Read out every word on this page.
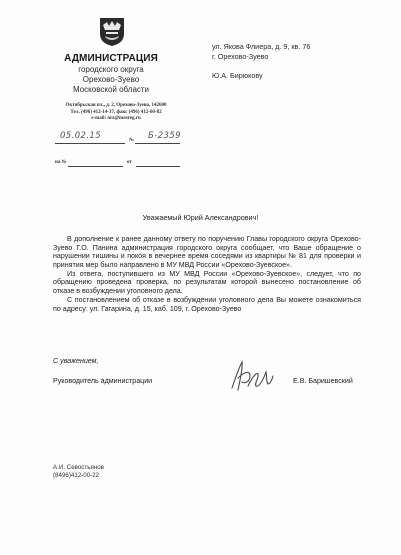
АДМИНИСТРАЦИЯ
городского округа
Орехово-Зуево
Московской области
Октябрьская пл., д. 2, Орехово-Зуево, 142600
Тел. (496) 412-14-37, факс (496) 412-60-82
e-mail: orz@mosreg.ru
ул. Якова Флиера, д. 9, кв. 76
г. Орехово-Зуево
Ю.А. Бирюкову
05.02.15	№ Б-2359
на №	от
Уважаемый Юрий Александрович!

В дополнение к ранее данному ответу по поручению Главы городского округа Орехово-Зуево Г.О. Панина администрация городского округа сообщает, что Ваше обращение о нарушении тишины и покоя в вечернее время соседями из квартиры № 81 для проверки и принятия мер было направлено в МУ МВД России «Орехово-Зуевское».

Из ответа, поступившего из МУ МВД России «Орехово-Зуевское», следует, что по обращению проведена проверка, по результатам которой вынесено постановление об отказе в возбуждении уголовного дела.

С постановлением об отказе в возбуждении уголовного дела Вы можете ознакомиться по адресу: ул. Гагарина, д. 15, каб. 109, г. Орехово-Зуево

С уважением,
Руководитель администрации	Е.В. Баришевский
А.И. Севостьянов
(8496)412-00-22
